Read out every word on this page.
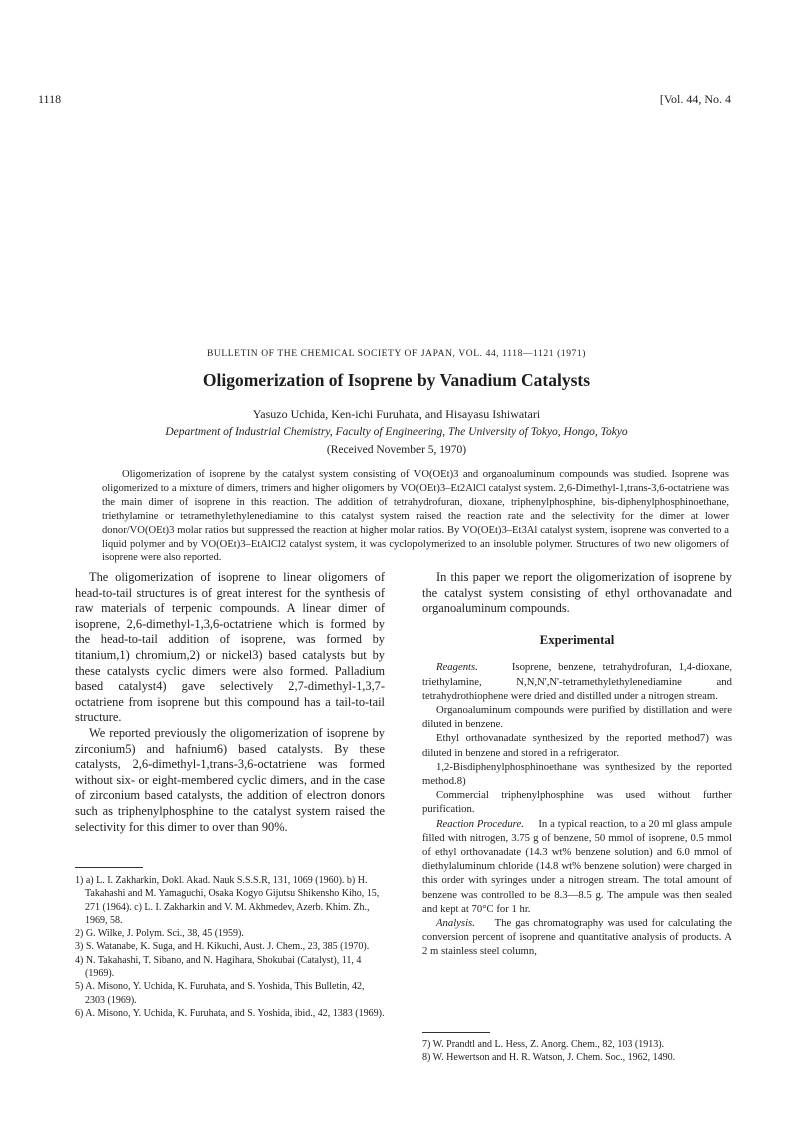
1118	[Vol. 44, No. 4
BULLETIN OF THE CHEMICAL SOCIETY OF JAPAN, VOL. 44, 1118—1121 (1971)
Oligomerization of Isoprene by Vanadium Catalysts
Yasuzo Uchida, Ken-ichi Furuhata, and Hisayasu Ishiwatari
Department of Industrial Chemistry, Faculty of Engineering, The University of Tokyo, Hongo, Tokyo
(Received November 5, 1970)
Oligomerization of isoprene by the catalyst system consisting of VO(OEt)3 and organoaluminum compounds was studied. Isoprene was oligomerized to a mixture of dimers, trimers and higher oligomers by VO(OEt)3–Et2AlCl catalyst system. 2,6-Dimethyl-1,trans-3,6-octatriene was the main dimer of isoprene in this reaction. The addition of tetrahydrofuran, dioxane, triphenylphosphine, bis-diphenylphosphinoethane, triethylamine or tetramethylethylenediamine to this catalyst system raised the reaction rate and the selectivity for the dimer at lower donor/VO(OEt)3 molar ratios but suppressed the reaction at higher molar ratios. By VO(OEt)3–Et3Al catalyst system, isoprene was converted to a liquid polymer and by VO(OEt)3–EtAlCl2 catalyst system, it was cyclopolymerized to an insoluble polymer. Structures of two new oligomers of isoprene were also reported.

The oligomerization of isoprene to linear oligomers of head-to-tail structures is of great interest for the synthesis of raw materials of terpenic compounds. A linear dimer of isoprene, 2,6-dimethyl-1,3,6-octatriene which is formed by the head-to-tail addition of isoprene, was formed by titanium,1) chromium,2) or nickel3) based catalysts but by these catalysts cyclic dimers were also formed. Palladium based catalyst4) gave selectively 2,7-dimethyl-1,3,7-octatriene from isoprene but this compound has a tail-to-tail structure.

We reported previously the oligomerization of isoprene by zirconium5) and hafnium6) based catalysts. By these catalysts, 2,6-dimethyl-1,trans-3,6-octatriene was formed without six- or eight-membered cyclic dimers, and in the case of zirconium based catalysts, the addition of electron donors such as triphenylphosphine to the catalyst system raised the selectivity for this dimer to over than 90%.

1) a) L. I. Zakharkin, Dokl. Akad. Nauk S.S.S.R, 131, 1069 (1960). b) H. Takahashi and M. Yamaguchi, Osaka Kogyo Gijutsu Shikensho Kiho, 15, 271 (1964). c) L. I. Zakharkin and V. M. Akhmedev, Azerb. Khim. Zh., 1969, 58.
2) G. Wilke, J. Polym. Sci., 38, 45 (1959).
3) S. Watanabe, K. Suga, and H. Kikuchi, Aust. J. Chem., 23, 385 (1970).
4) N. Takahashi, T. Sibano, and N. Hagihara, Shokubai (Catalyst), 11, 4 (1969).
5) A. Misono, Y. Uchida, K. Furuhata, and S. Yoshida, This Bulletin, 42, 2303 (1969).
6) A. Misono, Y. Uchida, K. Furuhata, and S. Yoshida, ibid., 42, 1383 (1969).

In this paper we report the oligomerization of isoprene by the catalyst system consisting of ethyl orthovanadate and organoaluminum compounds.

Experimental

Reagents.	Isoprene, benzene, tetrahydrofuran, 1,4-dioxane, triethylamine, N,N,N',N'-tetramethylethylenediamine and tetrahydrothiophene were dried and distilled under a nitrogen stream.

Organoaluminum compounds were purified by distillation and were diluted in benzene.

Ethyl orthovanadate synthesized by the reported method7) was diluted in benzene and stored in a refrigerator.

1,2-Bisdiphenylphosphinoethane was synthesized by the reported method.8)

Commercial triphenylphosphine was used without further purification.

Reaction Procedure. In a typical reaction, to a 20 ml glass ampule filled with nitrogen, 3.75 g of benzene, 50 mmol of isoprene, 0.5 mmol of ethyl orthovanadate (14.3 wt% benzene solution) and 6.0 mmol of diethylaluminum chloride (14.8 wt% benzene solution) were charged in this order with syringes under a nitrogen stream. The total amount of benzene was controlled to be 8.3—8.5 g. The ampule was then sealed and kept at 70°C for 1 hr.

Analysis. The gas chromatography was used for calculating the conversion percent of isoprene and quantitative analysis of products. A 2 m stainless steel column,

7) W. Prandtl and L. Hess, Z. Anorg. Chem., 82, 103 (1913).
8) W. Hewertson and H. R. Watson, J. Chem. Soc., 1962, 1490.
